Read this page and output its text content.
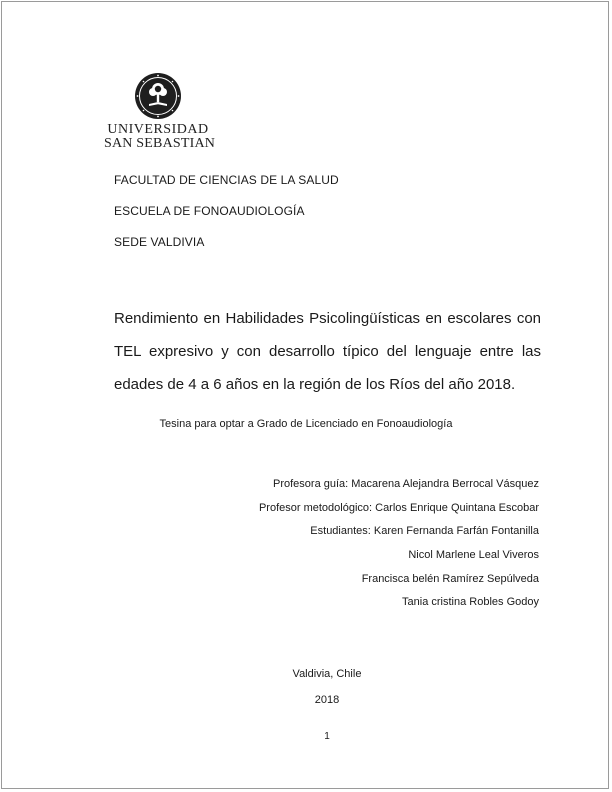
UNIVERSIDAD
SAN SEBASTIAN
FACULTAD DE CIENCIAS DE LA SALUD
ESCUELA DE FONOAUDIOLOGÍA
SEDE VALDIVIA
Rendimiento en Habilidades Psicolingüísticas en escolares con
TEL expresivo y con desarrollo típico del lenguaje entre las
edades de 4 a 6 años en la región de los Ríos del año 2018.
Tesina para optar a Grado de Licenciado en Fonoaudiología
Profesora guía: Macarena Alejandra Berrocal Vásquez
Profesor metodológico: Carlos Enrique Quintana Escobar
Estudiantes: Karen Fernanda Farfán Fontanilla
Nicol Marlene Leal Viveros
Francisca belén Ramírez Sepúlveda
Tania cristina Robles Godoy
Valdivia, Chile
2018
1
